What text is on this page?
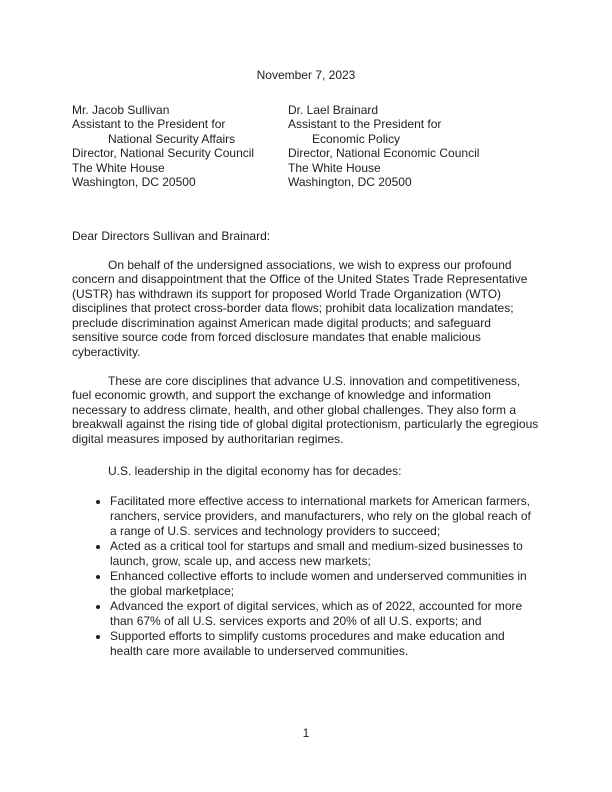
November 7, 2023
Mr. Jacob Sullivan
Assistant to the President for
National Security Affairs
Director, National Security Council
The White House
Washington, DC 20500
Dr. Lael Brainard
Assistant to the President for
Economic Policy
Director, National Economic Council
The White House
Washington, DC 20500
Dear Directors Sullivan and Brainard:

On behalf of the undersigned associations, we wish to express our profound concern and disappointment that the Office of the United States Trade Representative (USTR) has withdrawn its support for proposed World Trade Organization (WTO) disciplines that protect cross-border data flows; prohibit data localization mandates; preclude discrimination against American made digital products; and safeguard sensitive source code from forced disclosure mandates that enable malicious cyberactivity.

These are core disciplines that advance U.S. innovation and competitiveness, fuel economic growth, and support the exchange of knowledge and information necessary to address climate, health, and other global challenges. They also form a breakwall against the rising tide of global digital protectionism, particularly the egregious digital measures imposed by authoritarian regimes.

U.S. leadership in the digital economy has for decades:

• Facilitated more effective access to international markets for American farmers, ranchers, service providers, and manufacturers, who rely on the global reach of a range of U.S. services and technology providers to succeed;
• Acted as a critical tool for startups and small and medium-sized businesses to launch, grow, scale up, and access new markets;
• Enhanced collective efforts to include women and underserved communities in the global marketplace;
• Advanced the export of digital services, which as of 2022, accounted for more than 67% of all U.S. services exports and 20% of all U.S. exports; and
• Supported efforts to simplify customs procedures and make education and health care more available to underserved communities.
1
